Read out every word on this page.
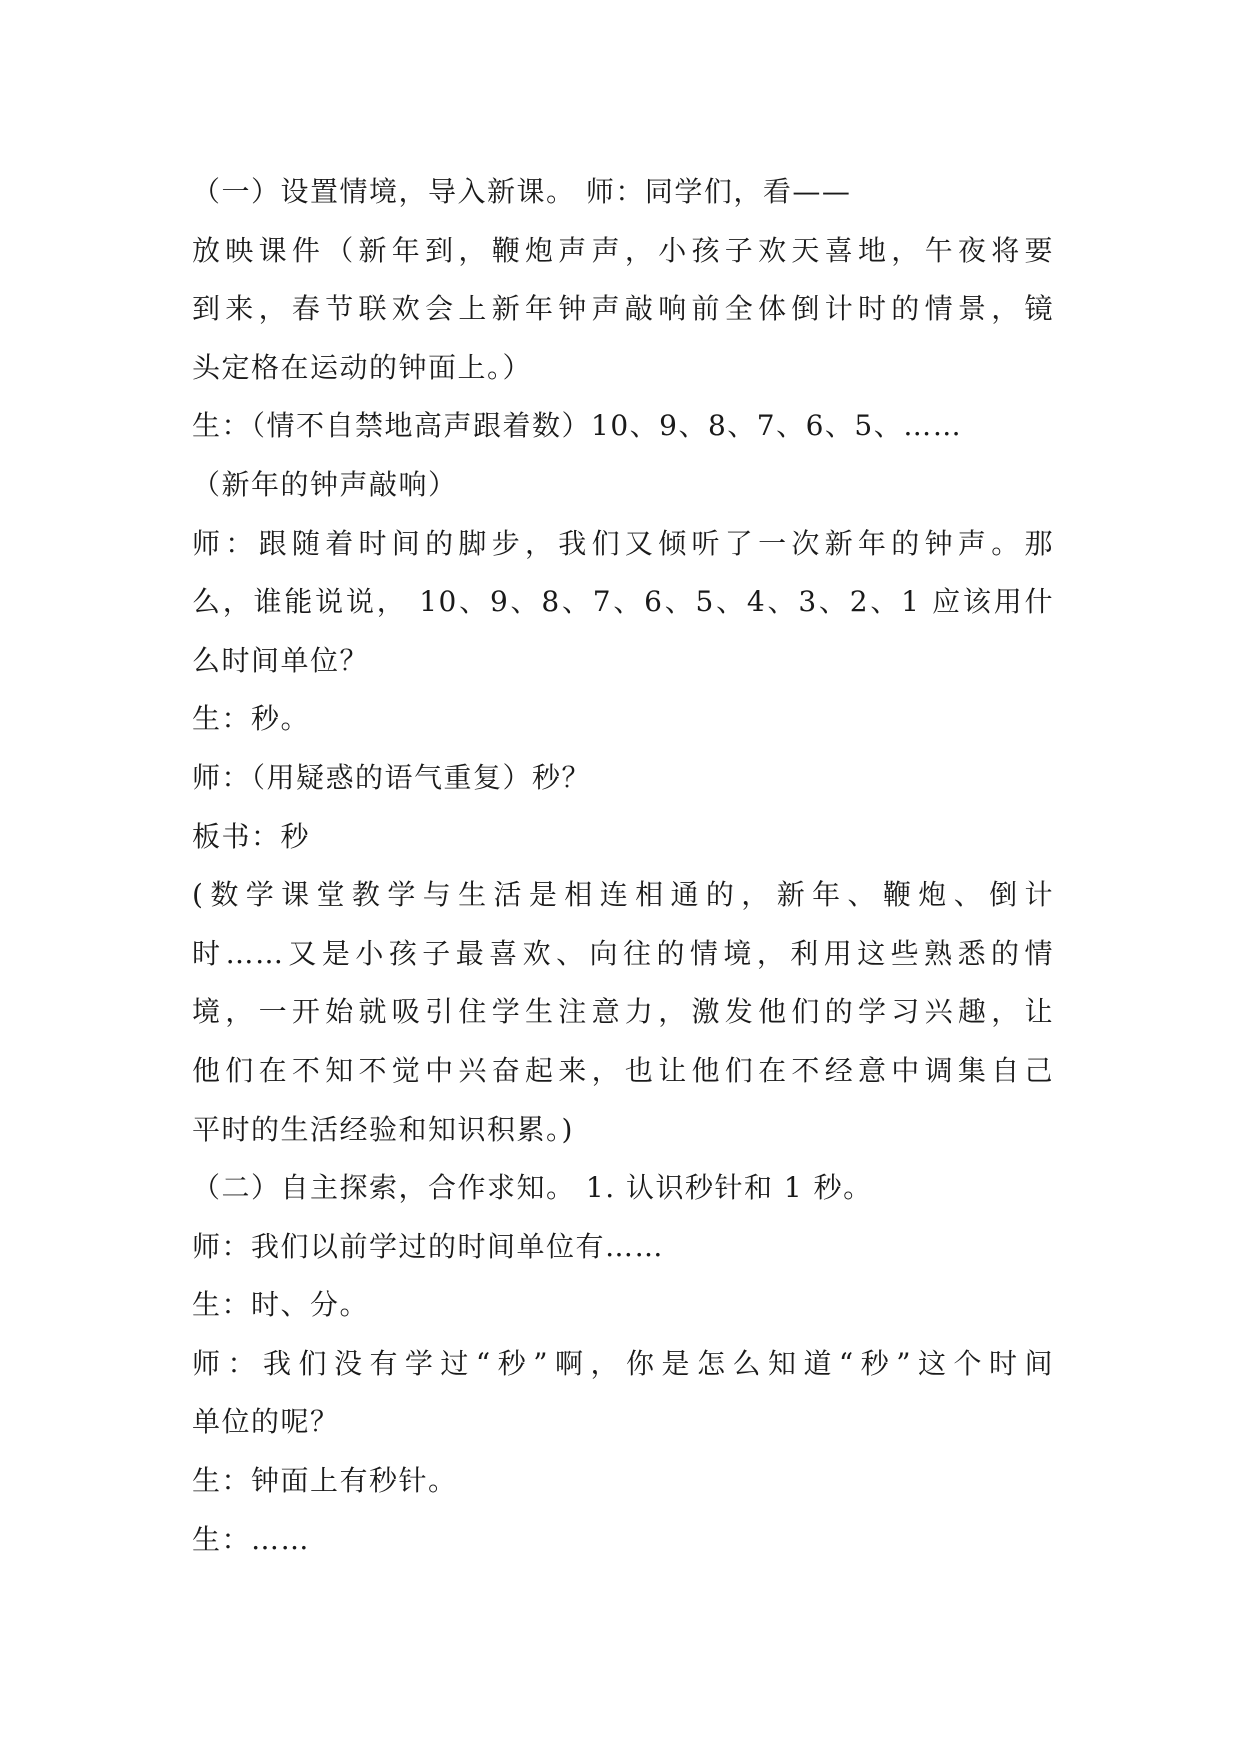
（一）设置情境，导入新课。 师：同学们，看——
放映课件（新年到，鞭炮声声，小孩子欢天喜地，午夜将要
到来，春节联欢会上新年钟声敲响前全体倒计时的情景，镜
头定格在运动的钟面上。）
生：（情不自禁地高声跟着数）10、9、8、7、6、5、……
（新年的钟声敲响）
师：跟随着时间的脚步，我们又倾听了一次新年的钟声。那
么，谁能说说， 10、9、8、7、6、5、4、3、2、1 应该用什
么时间单位？
生：秒。
师：（用疑惑的语气重复）秒？
板书：秒
(数学课堂教学与生活是相连相通的，新年、鞭炮、倒计
时……又是小孩子最喜欢、向往的情境，利用这些熟悉的情
境，一开始就吸引住学生注意力，激发他们的学习兴趣，让
他们在不知不觉中兴奋起来，也让他们在不经意中调集自己
平时的生活经验和知识积累。)
（二）自主探索，合作求知。 1. 认识秒针和 1 秒。
师：我们以前学过的时间单位有……
生：时、分。
师：我们没有学过“秒”啊，你是怎么知道“秒”这个时间
单位的呢？
生：钟面上有秒针。
生：……
